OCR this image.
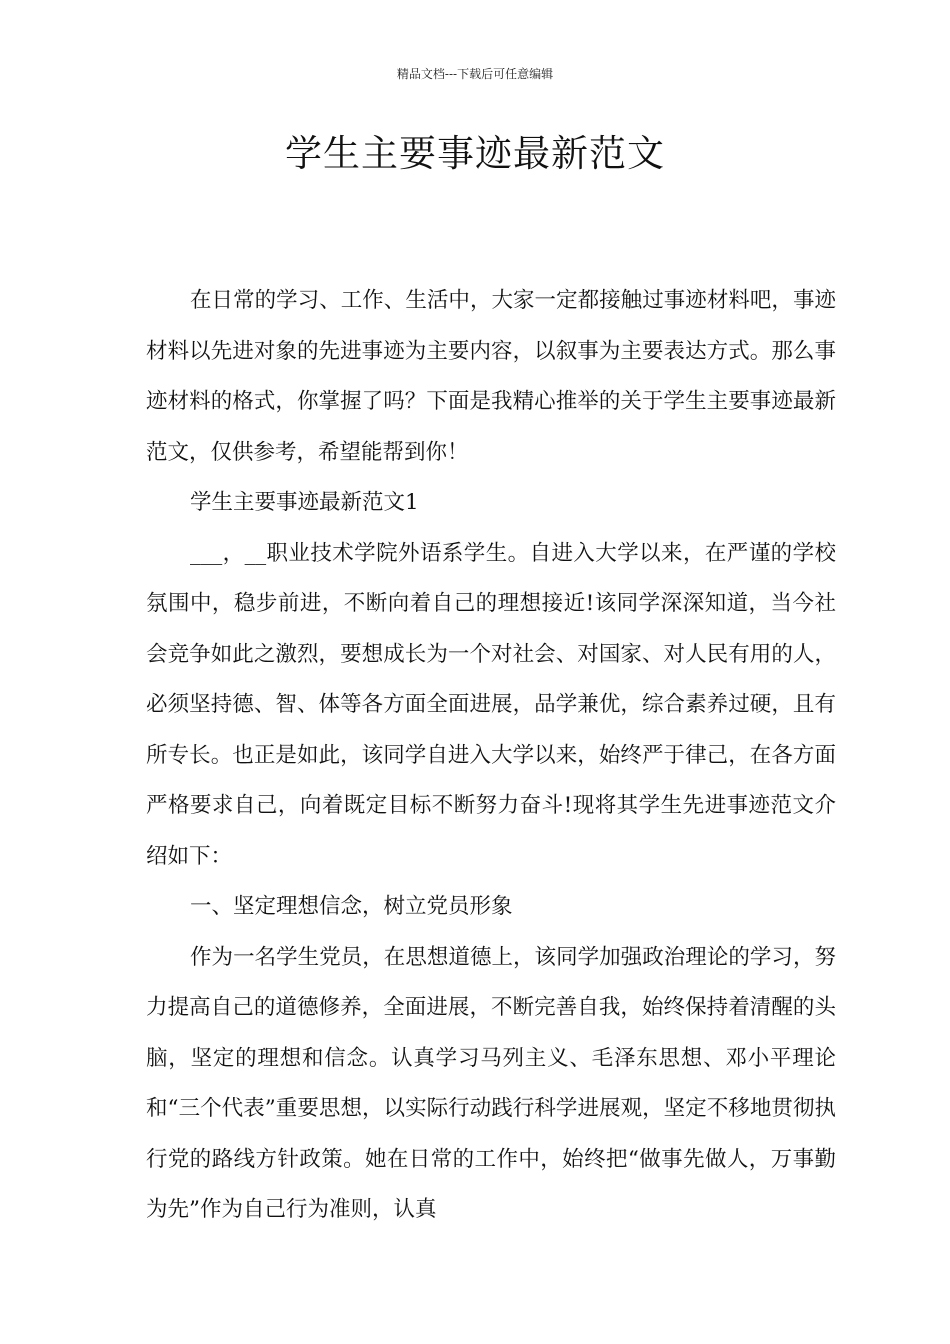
精品文档---下载后可任意编辑
学生主要事迹最新范文

在日常的学习、工作、生活中，大家一定都接触过事迹材料吧，事迹材料以先进对象的先进事迹为主要内容，以叙事为主要表达方式。那么事迹材料的格式，你掌握了吗？下面是我精心推举的关于学生主要事迹最新范文，仅供参考，希望能帮到你！

学生主要事迹最新范文1

___，__职业技术学院外语系学生。自进入大学以来，在严谨的学校氛围中，稳步前进，不断向着自己的理想接近!该同学深深知道，当今社会竞争如此之激烈，要想成长为一个对社会、对国家、对人民有用的人，必须坚持德、智、体等各方面全面进展，品学兼优，综合素养过硬，且有所专长。也正是如此，该同学自进入大学以来，始终严于律己，在各方面严格要求自己，向着既定目标不断努力奋斗!现将其学生先进事迹范文介绍如下：

一、坚定理想信念，树立党员形象

作为一名学生党员，在思想道德上，该同学加强政治理论的学习，努力提高自己的道德修养，全面进展，不断完善自我，始终保持着清醒的头脑，坚定的理想和信念。认真学习马列主义、毛泽东思想、邓小平理论和“三个代表”重要思想，以实际行动践行科学进展观，坚定不移地贯彻执行党的路线方针政策。她在日常的工作中，始终把“做事先做人，万事勤为先”作为自己行为准则，认真
